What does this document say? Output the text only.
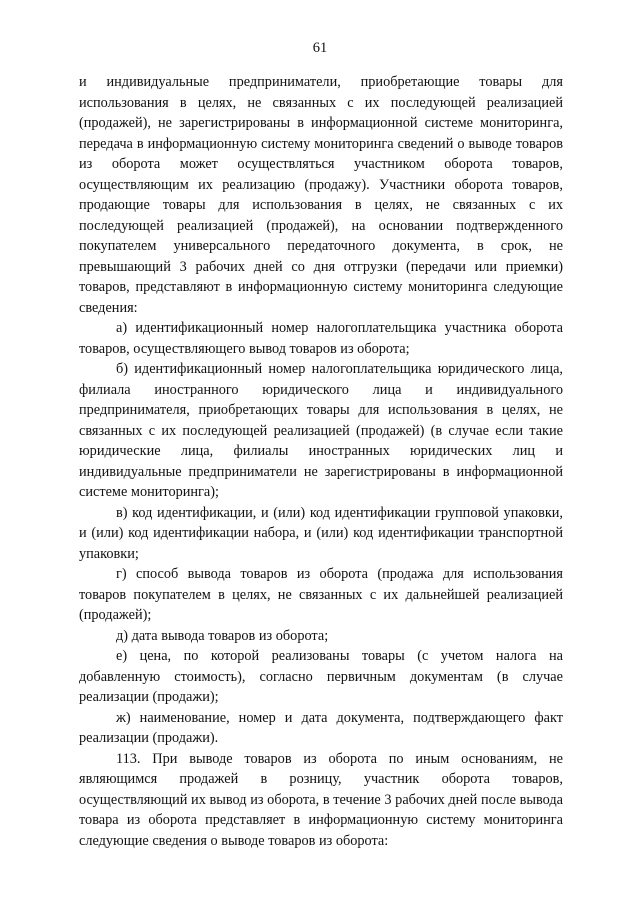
61

и индивидуальные предприниматели, приобретающие товары для использования в целях, не связанных с их последующей реализацией (продажей), не зарегистрированы в информационной системе мониторинга, передача в информационную систему мониторинга сведений о выводе товаров из оборота может осуществляться участником оборота товаров, осуществляющим их реализацию (продажу). Участники оборота товаров, продающие товары для использования в целях, не связанных с их последующей реализацией (продажей), на основании подтвержденного покупателем универсального передаточного документа, в срок, не превышающий 3 рабочих дней со дня отгрузки (передачи или приемки) товаров, представляют в информационную систему мониторинга следующие сведения:

а) идентификационный номер налогоплательщика участника оборота товаров, осуществляющего вывод товаров из оборота;

б) идентификационный номер налогоплательщика юридического лица, филиала иностранного юридического лица и индивидуального предпринимателя, приобретающих товары для использования в целях, не связанных с их последующей реализацией (продажей) (в случае если такие юридические лица, филиалы иностранных юридических лиц и индивидуальные предприниматели не зарегистрированы в информационной системе мониторинга);

в) код идентификации, и (или) код идентификации групповой упаковки, и (или) код идентификации набора, и (или) код идентификации транспортной упаковки;

г) способ вывода товаров из оборота (продажа для использования товаров покупателем в целях, не связанных с их дальнейшей реализацией (продажей);

д) дата вывода товаров из оборота;

е) цена, по которой реализованы товары (с учетом налога на добавленную стоимость), согласно первичным документам (в случае реализации (продажи);

ж) наименование, номер и дата документа, подтверждающего факт реализации (продажи).

113. При выводе товаров из оборота по иным основаниям, не являющимся продажей в розницу, участник оборота товаров, осуществляющий их вывод из оборота, в течение 3 рабочих дней после вывода товара из оборота представляет в информационную систему мониторинга следующие сведения о выводе товаров из оборота:
